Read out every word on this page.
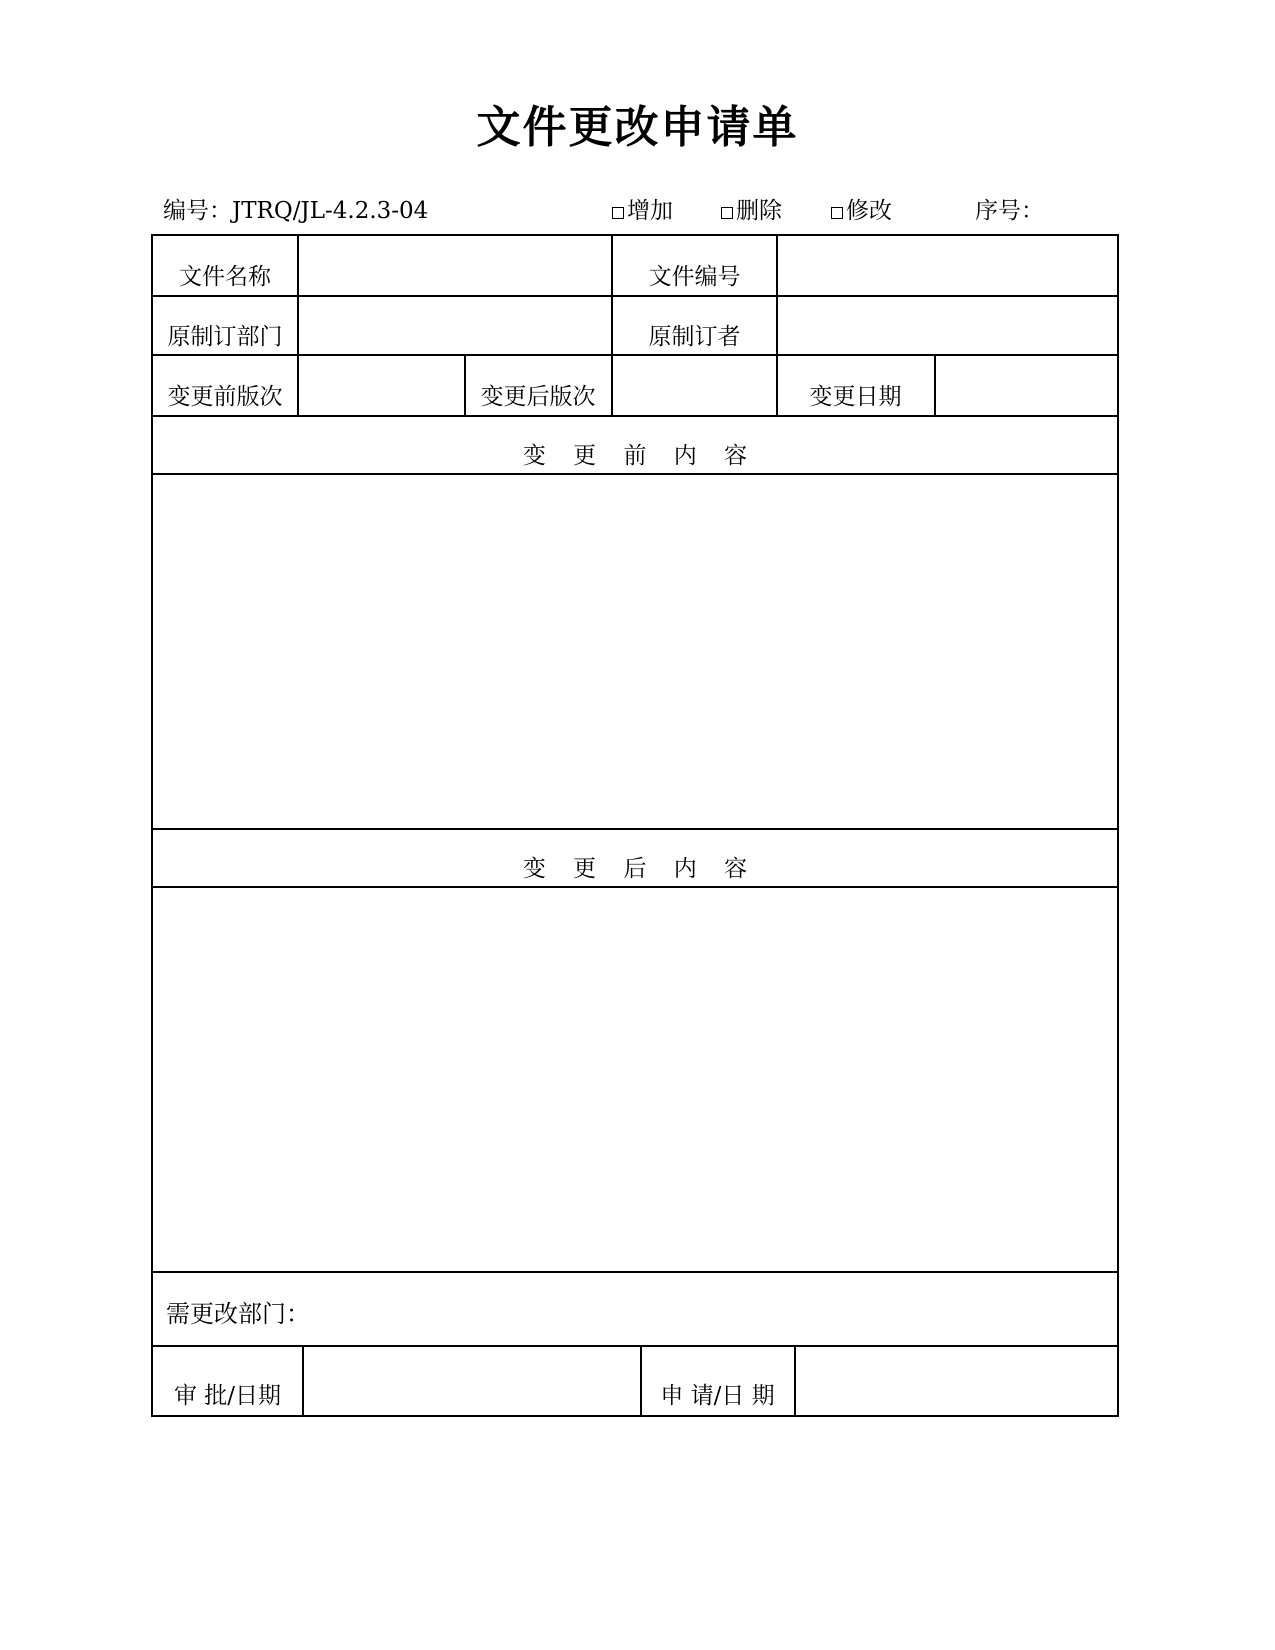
文件更改申请单
编号：JTRQ/JL-4.2.3-04	增加	删除	修改	序号：
文件名称	文件编号
原制订部门	原制订者
变更前版次	变更后版次	变更日期
变 更 前 内 容
变 更 后 内 容
需更改部门：
审 批/日期	申 请/日 期
